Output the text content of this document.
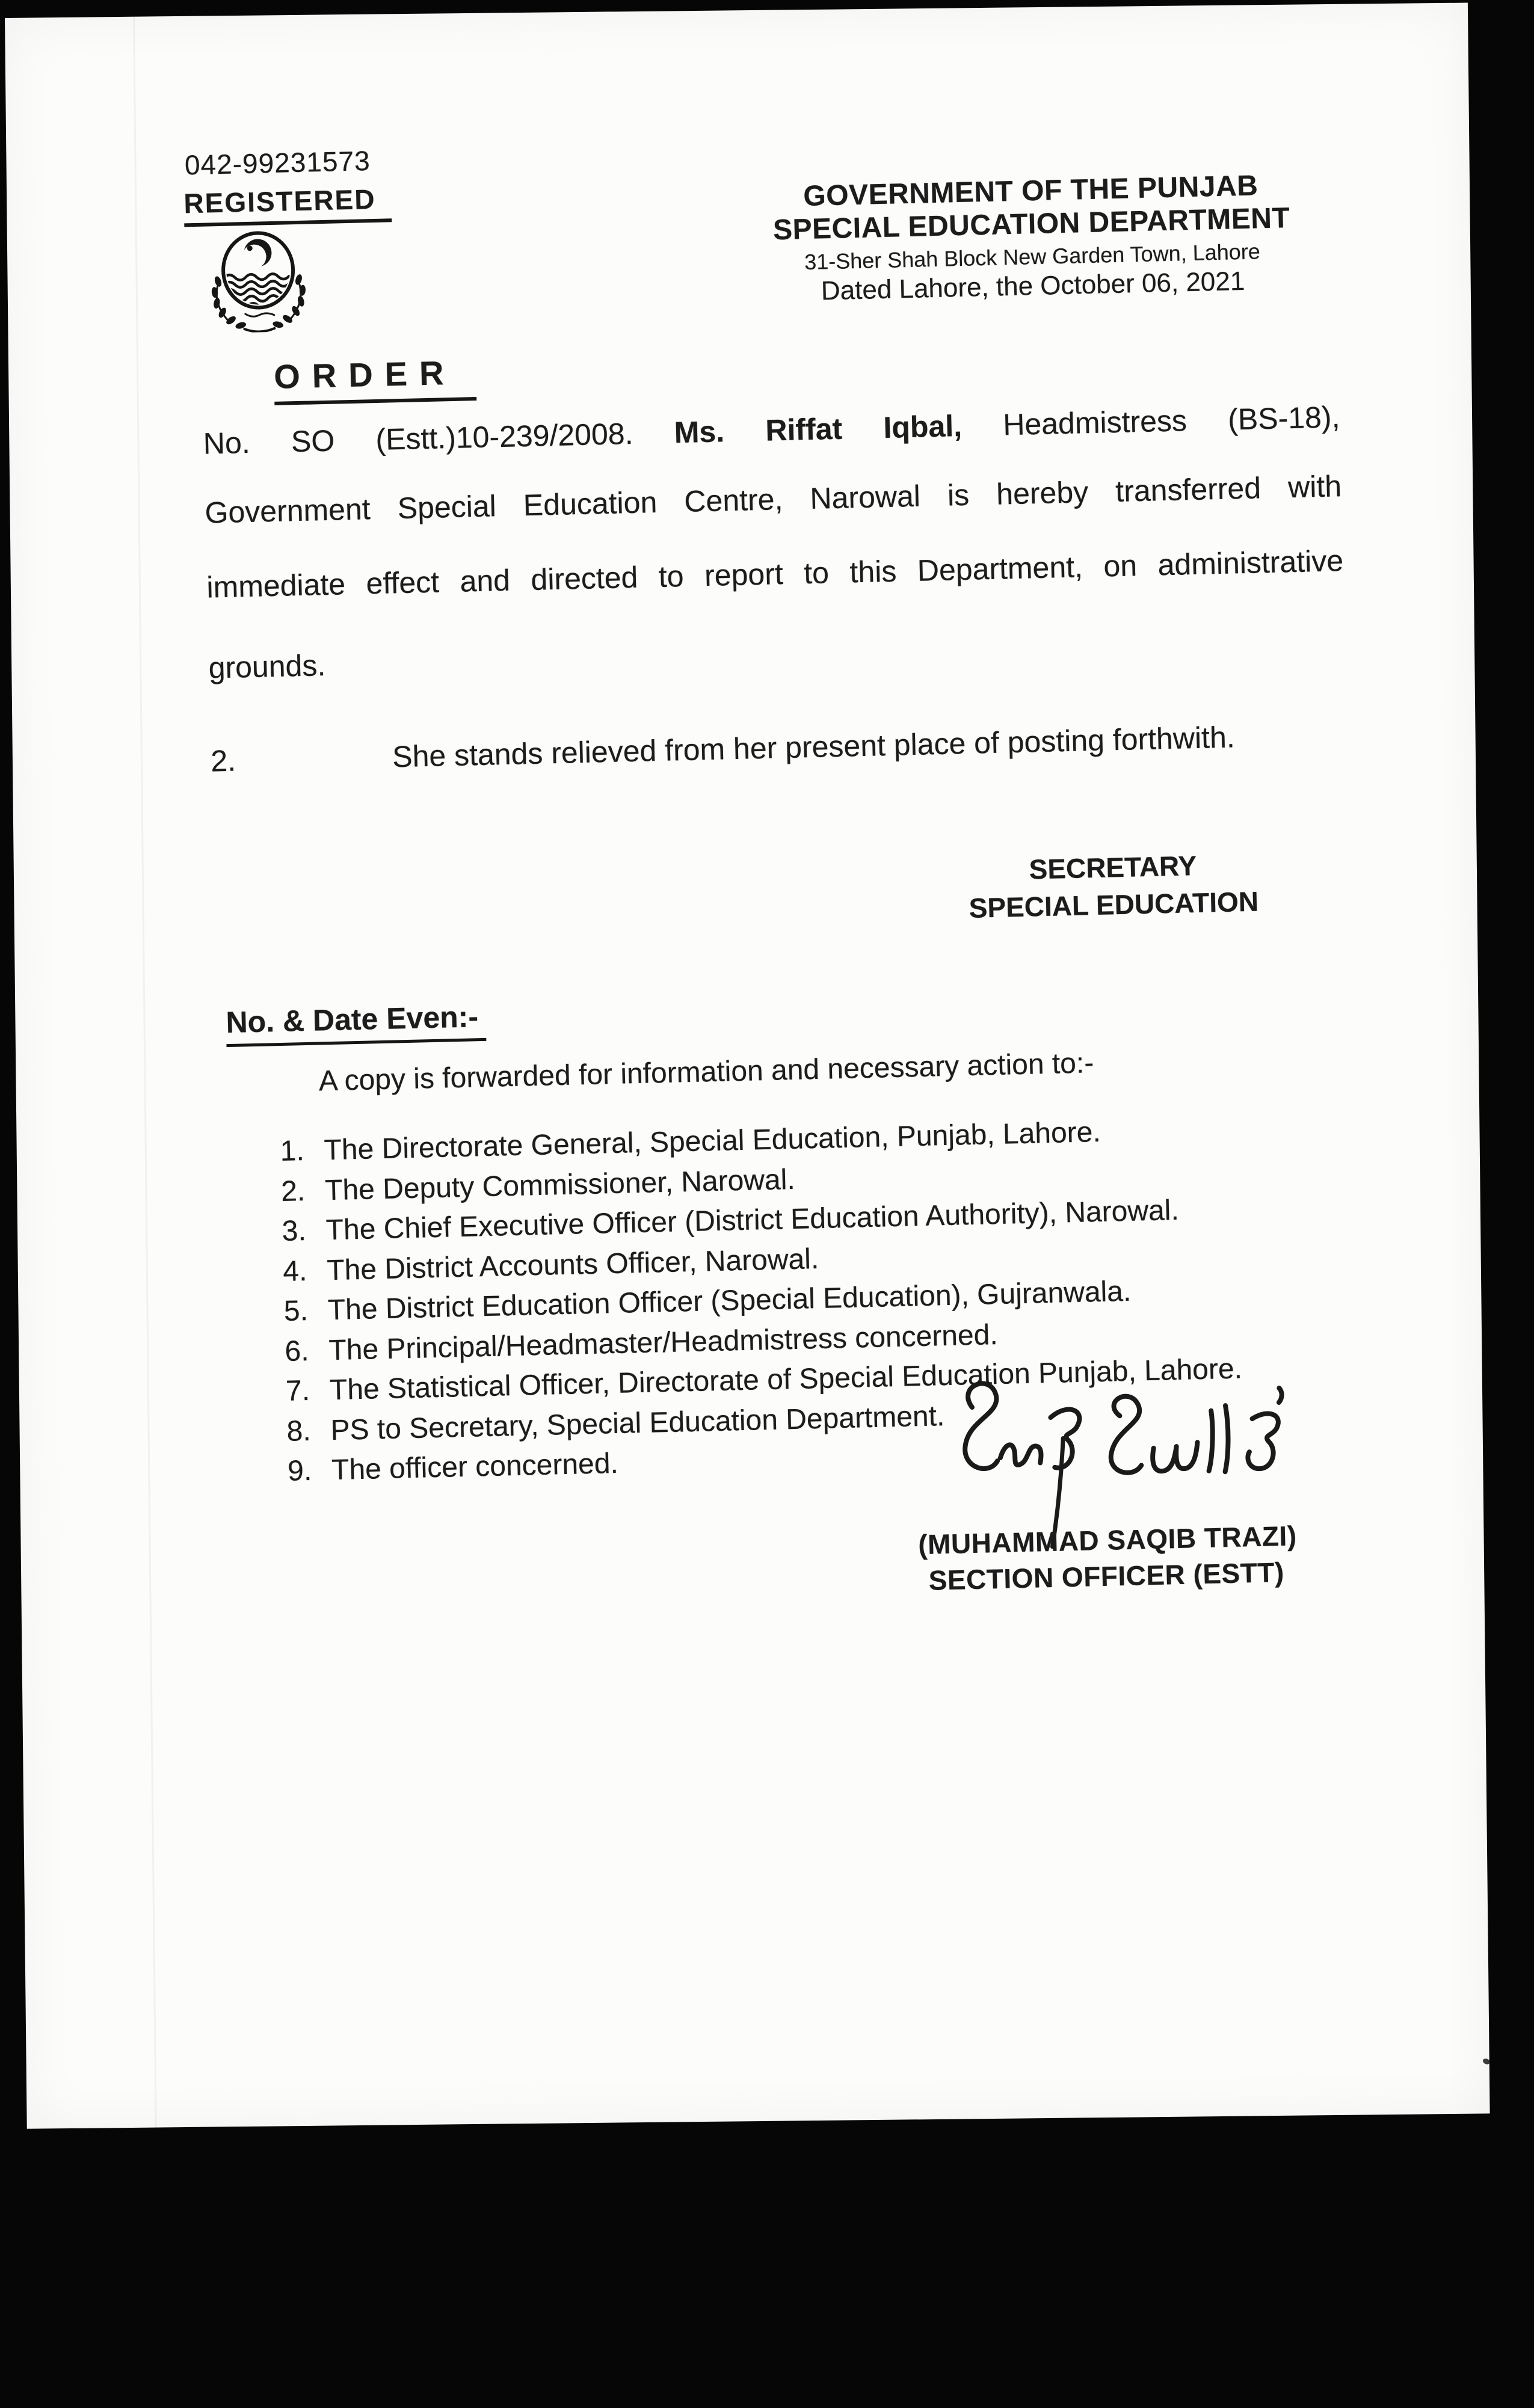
042-99231573
REGISTERED	GOVERNMENT OF THE PUNJAB
SPECIAL EDUCATION DEPARTMENT
31-Sher Shah Block New Garden Town, Lahore
Dated Lahore, the October 06, 2021
ORDER
No. SO (Estt.)10-239/2008. Ms. Riffat Iqbal, Headmistress (BS-18),
Government Special Education Centre, Narowal is hereby transferred with
immediate effect and directed to report to this Department, on administrative
grounds.
2.	She stands relieved from her present place of posting forthwith.
SECRETARY
SPECIAL EDUCATION
No. & Date Even:-
A copy is forwarded for information and necessary action to:-
1. The Directorate General, Special Education, Punjab, Lahore.
2. The Deputy Commissioner, Narowal.
3. The Chief Executive Officer (District Education Authority), Narowal.
4. The District Accounts Officer, Narowal.
5. The District Education Officer (Special Education), Gujranwala.
6. The Principal/Headmaster/Headmistress concerned.
7. The Statistical Officer, Directorate of Special Education Punjab, Lahore.
8. PS to Secretary, Special Education Department.
9. The officer concerned.
(MUHAMMAD SAQIB TRAZI)
SECTION OFFICER (ESTT)
